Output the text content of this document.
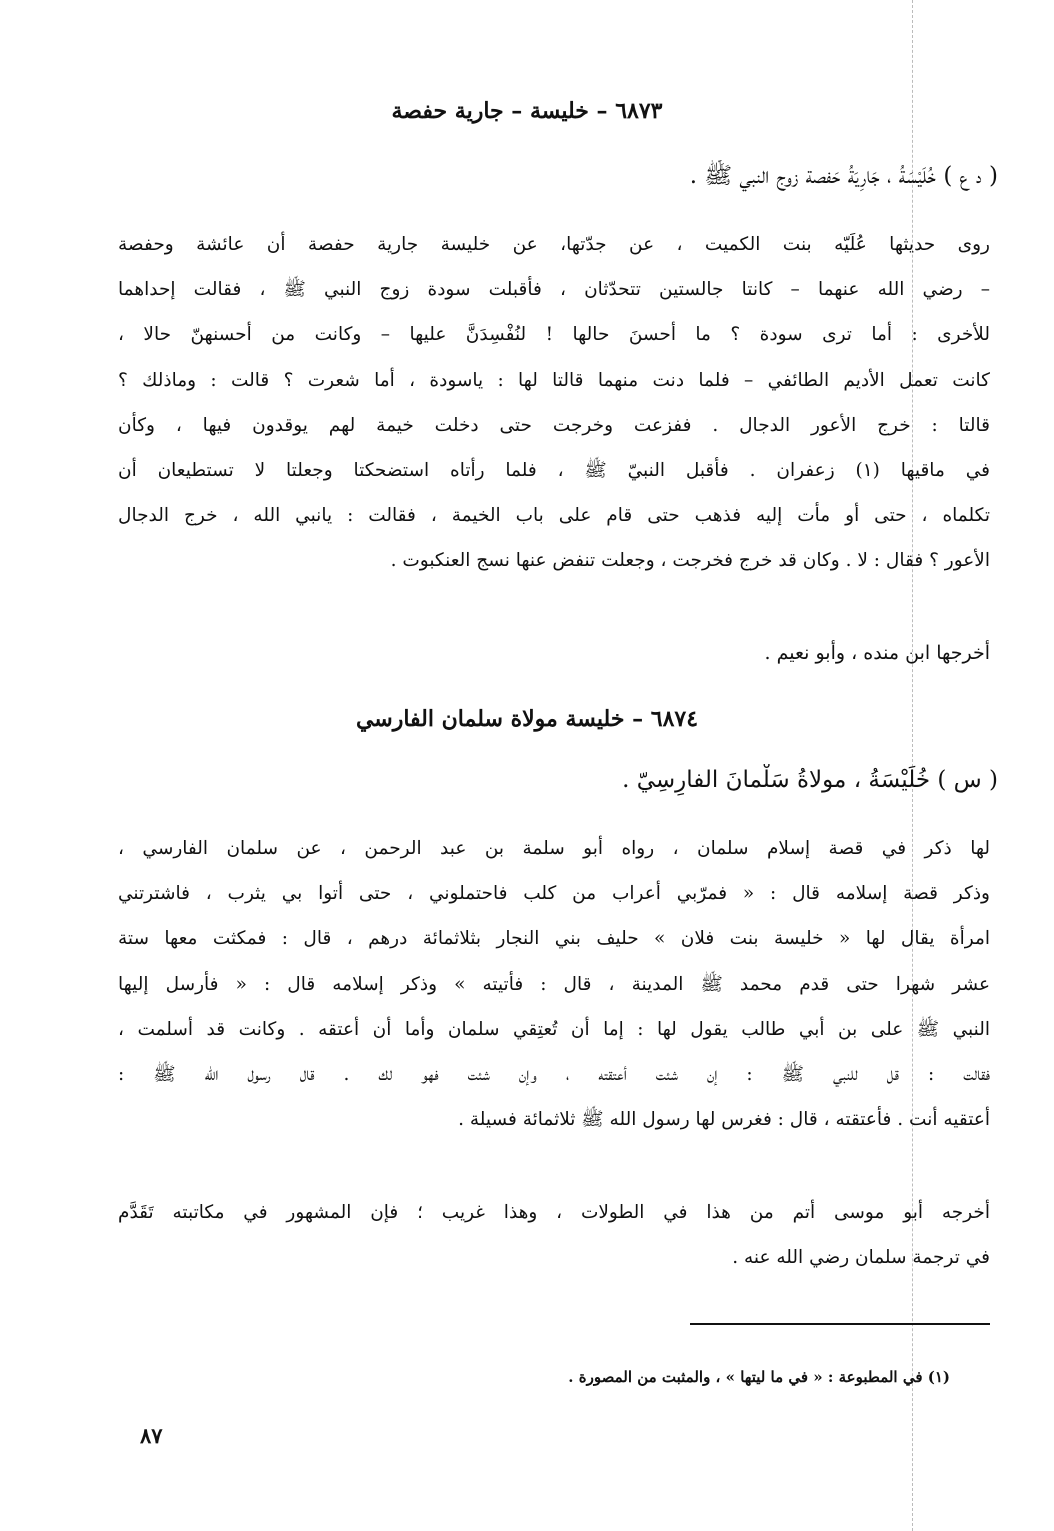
٦٨٧٣ – خليسة – جارية حفصة
( د ع ) خُلَيْسَةُ ، جَارِيَةُ حَفصة زوج النبي ﷺ .
روى حديثها عُلَيّه بنت الكميت ، عن جدّتها، عن خليسة جارية حفصة أن عائشة وحفصة
– رضي الله عنهما – كانتا جالستين تتحدّثان ، فأقبلت سودة زوج النبي ﷺ ، فقالت إحداهما
للأخرى : أما ترى سودة ؟ ما أحسنَ حالها ! لنُفْسِدَنَّ عليها – وكانت من أحسنهنّ حالا ،
كانت تعمل الأديم الطائفي – فلما دنت منهما قالتا لها : ياسودة ، أما شعرت ؟ قالت : وماذلك ؟
قالتا : خرج الأعور الدجال . ففزعت وخرجت حتى دخلت خيمة لهم يوقدون فيها ، وكأن
في ماقيها (١) زعفران . فأقبل النبيّ ﷺ ، فلما رأتاه استضحكتا وجعلتا لا تستطيعان أن
تكلماه ، حتى أو مأت إليه فذهب حتى قام على باب الخيمة ، فقالت : يانبي الله ، خرج الدجال
الأعور ؟ فقال : لا . وكان قد خرج فخرجت ، وجعلت تنفض عنها نسج العنكبوت .
أخرجها ابن منده ، وأبو نعيم .
٦٨٧٤ – خليسة مولاة سلمان الفارسي
( س ) خُلَيْسَةُ ، مولاةُ سَلْمانَ الفارِسِيّ .
لها ذكر في قصة إسلام سلمان ، رواه أبو سلمة بن عبد الرحمن ، عن سلمان الفارسي ،
وذكر قصة إسلامه قال : « فمرّبي أعراب من كلب فاحتملوني ، حتى أتوا بي يثرب ، فاشترتني
امرأة يقال لها « خليسة بنت فلان » حليف بني النجار بثلاثمائة درهم ، قال : فمكثت معها ستة
عشر شهرا حتى قدم محمد ﷺ المدينة ، قال : فأتيته » وذكر إسلامه قال : « فأرسل إليها
النبي ﷺ على بن أبي طالب يقول لها : إما أن تُعتِقي سلمان وأما أن أعتقه . وكانت قد أسلمت ،
فقالت : قل للنبي ﷺ : إن شئت أعتقته ، وإن شئت فهو لك . قال رسول الله ﷺ :
أعتقيه أنت . فأعتقته ، قال : فغرس لها رسول الله ﷺ ثلاثمائة فسيلة .
أخرجه أبو موسى أتم من هذا في الطولات ، وهذا غريب ؛ فإن المشهور في مكاتبته تَقَدَّم
في ترجمة سلمان رضي الله عنه .
(١) في المطبوعة : « في ما ليتها » ، والمثبت من المصورة .
٨٧
